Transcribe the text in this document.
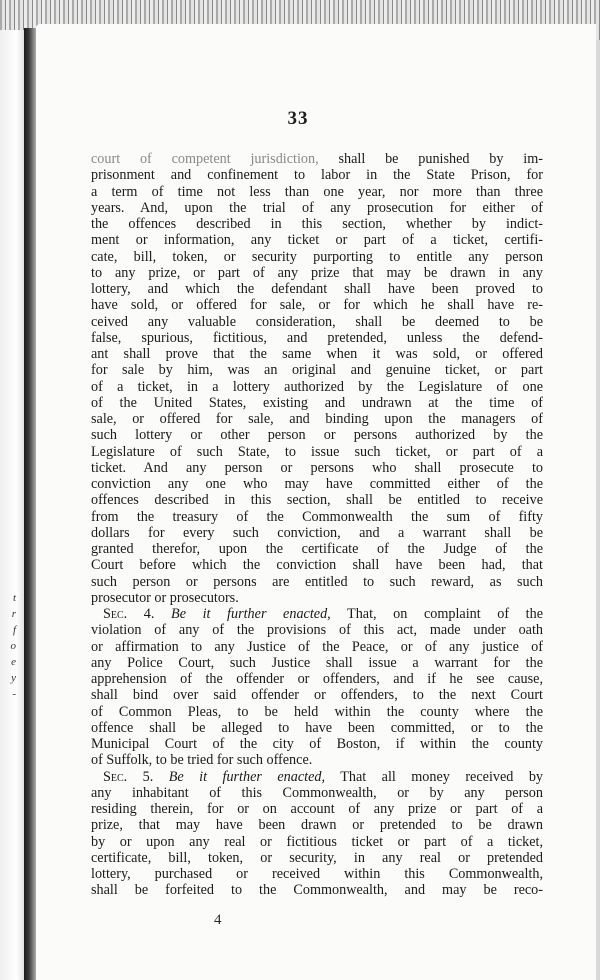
t
r
f
o
e
y
-
33
court of competent jurisdiction, shall be punished by im-
prisonment and confinement to labor in the State Prison, for
a term of time not less than one year, nor more than three
years. And, upon the trial of any prosecution for either of
the offences described in this section, whether by indict-
ment or information, any ticket or part of a ticket, certifi-
cate, bill, token, or security purporting to entitle any person
to any prize, or part of any prize that may be drawn in any
lottery, and which the defendant shall have been proved to
have sold, or offered for sale, or for which he shall have re-
ceived any valuable consideration, shall be deemed to be
false, spurious, fictitious, and pretended, unless the defend-
ant shall prove that the same when it was sold, or offered
for sale by him, was an original and genuine ticket, or part
of a ticket, in a lottery authorized by the Legislature of one
of the United States, existing and undrawn at the time of
sale, or offered for sale, and binding upon the managers of
such lottery or other person or persons authorized by the
Legislature of such State, to issue such ticket, or part of a
ticket. And any person or persons who shall prosecute to
conviction any one who may have committed either of the
offences described in this section, shall be entitled to receive
from the treasury of the Commonwealth the sum of fifty
dollars for every such conviction, and a warrant shall be
granted therefor, upon the certificate of the Judge of the
Court before which the conviction shall have been had, that
such person or persons are entitled to such reward, as such
prosecutor or prosecutors.
Sec. 4. Be it further enacted, That, on complaint of the
violation of any of the provisions of this act, made under oath
or affirmation to any Justice of the Peace, or of any justice of
any Police Court, such Justice shall issue a warrant for the
apprehension of the offender or offenders, and if he see cause,
shall bind over said offender or offenders, to the next Court
of Common Pleas, to be held within the county where the
offence shall be alleged to have been committed, or to the
Municipal Court of the city of Boston, if within the county
of Suffolk, to be tried for such offence.
Sec. 5. Be it further enacted, That all money received by
any inhabitant of this Commonwealth, or by any person
residing therein, for or on account of any prize or part of a
prize, that may have been drawn or pretended to be drawn
by or upon any real or fictitious ticket or part of a ticket,
certificate, bill, token, or security, in any real or pretended
lottery, purchased or received within this Commonwealth,
shall be forfeited to the Commonwealth, and may be reco-
4
